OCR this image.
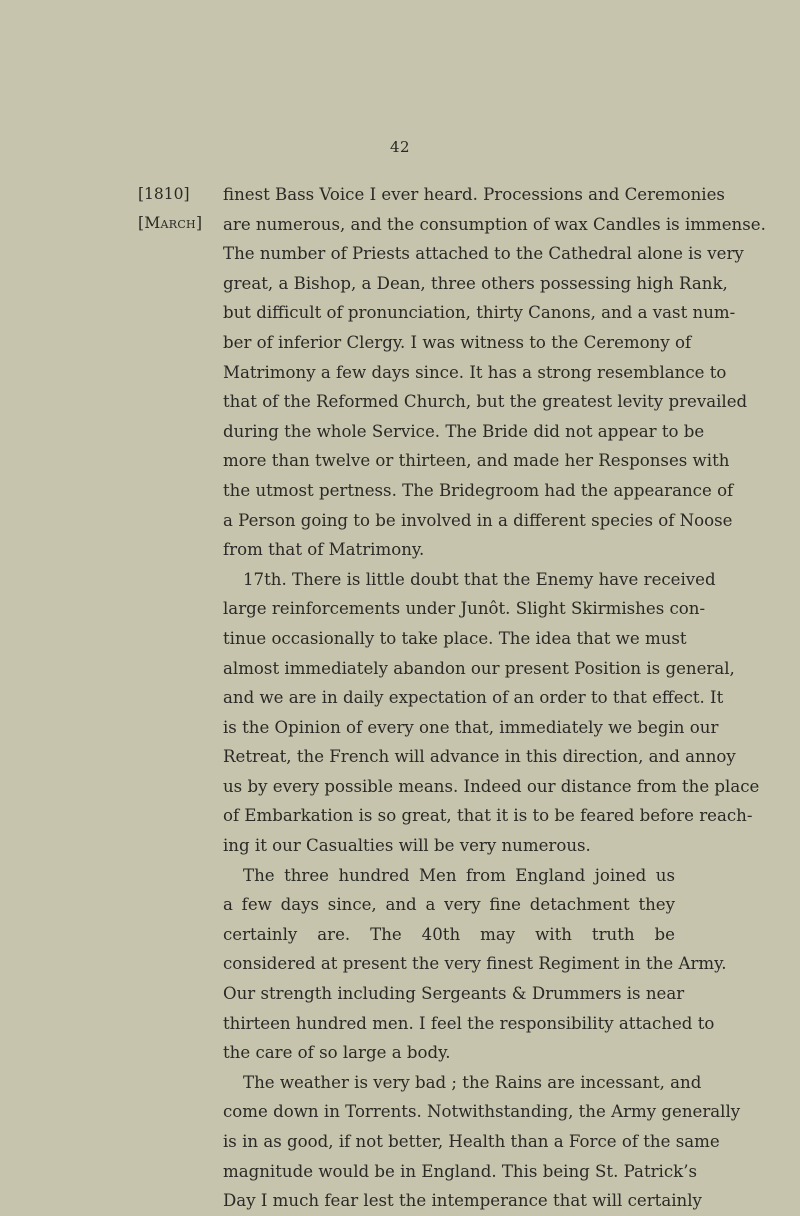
42
[1810]
[March]
finest Bass Voice I ever heard. Processions and Ceremonies
are numerous, and the consumption of wax Candles is immense.
The number of Priests attached to the Cathedral alone is very
great, a Bishop, a Dean, three others possessing high Rank,
but difficult of pronunciation, thirty Canons, and a vast num-
ber of inferior Clergy. I was witness to the Ceremony of
Matrimony a few days since. It has a strong resemblance to
that of the Reformed Church, but the greatest levity prevailed
during the whole Service. The Bride did not appear to be
more than twelve or thirteen, and made her Responses with
the utmost pertness. The Bridegroom had the appearance of
a Person going to be involved in a different species of Noose
from that of Matrimony.
17th. There is little doubt that the Enemy have received
large reinforcements under Junôt. Slight Skirmishes con-
tinue occasionally to take place. The idea that we must
almost immediately abandon our present Position is general,
and we are in daily expectation of an order to that effect. It
is the Opinion of every one that, immediately we begin our
Retreat, the French will advance in this direction, and annoy
us by every possible means. Indeed our distance from the place
of Embarkation is so great, that it is to be feared before reach-
ing it our Casualties will be very numerous.
The three hundred Men from England joined us
a few days since, and a very fine detachment they
certainly are. The 40th may with truth be
considered at present the very finest Regiment in the Army.
Our strength including Sergeants & Drummers is near
thirteen hundred men. I feel the responsibility attached to
the care of so large a body.
The weather is very bad ; the Rains are incessant, and
come down in Torrents. Notwithstanding, the Army generally
is in as good, if not better, Health than a Force of the same
magnitude would be in England. This being St. Patrick’s
Day I much fear lest the intemperance that will certainly
